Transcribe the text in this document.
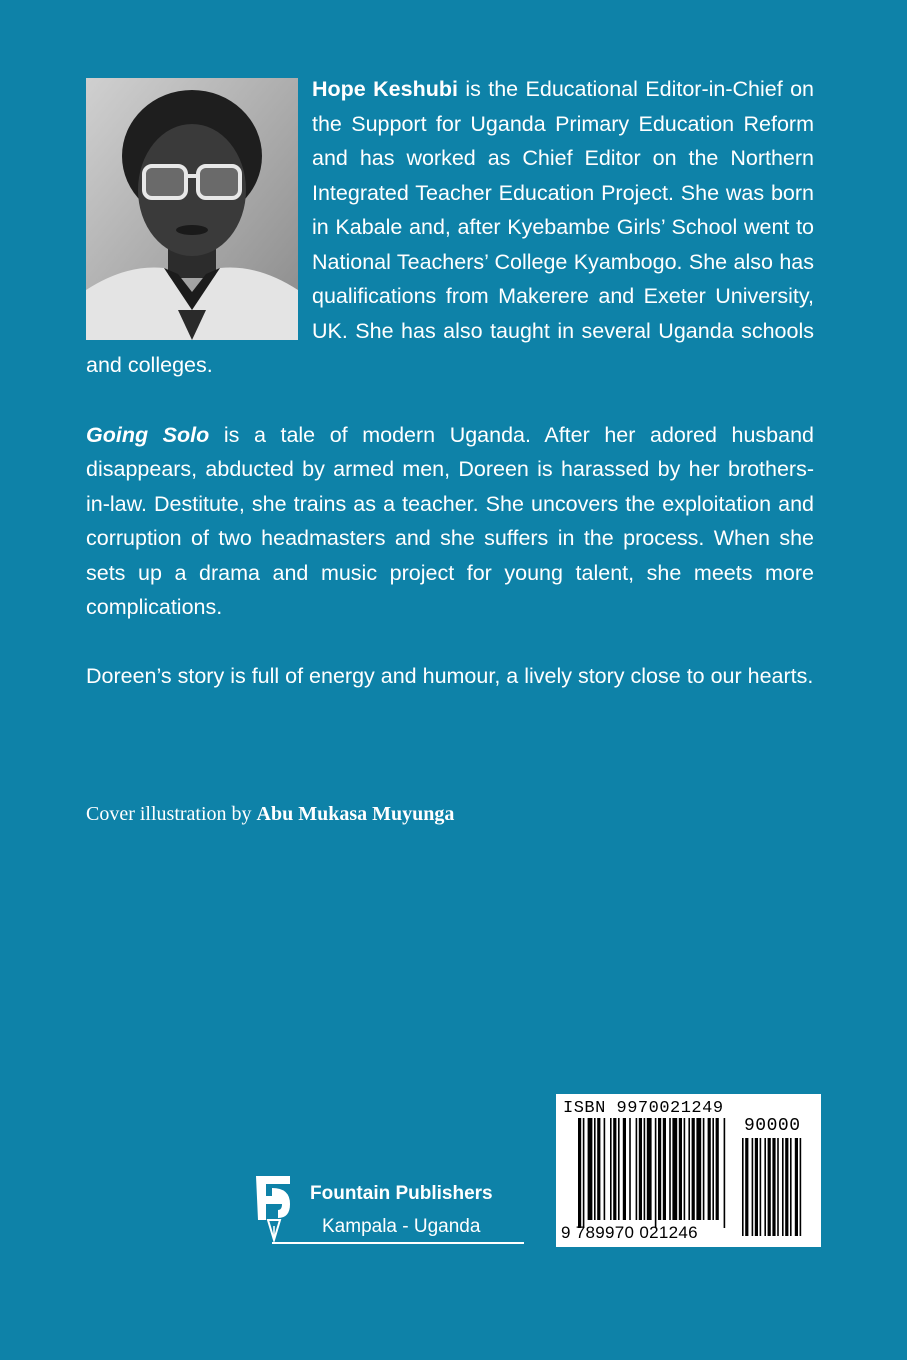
Hope Keshubi is the Educational Editor-in-Chief on the Support for Uganda Primary Education Reform and has worked as Chief Editor on the Northern Integrated Teacher Education Project. She was born in Kabale and, after Kyebambe Girls’ School went to National Teachers’ College Kyambogo. She also has qualifications from Makerere and Exeter University, UK. She has also taught in several Uganda schools and colleges.

Going Solo is a tale of modern Uganda. After her adored husband disappears, abducted by armed men, Doreen is harassed by her brothers-in-law. Destitute, she trains as a teacher. She uncovers the exploitation and corruption of two headmasters and she suffers in the process. When she sets up a drama and music project for young talent, she meets more complications.

Doreen’s story is full of energy and humour, a lively story close to our hearts.

Cover illustration by Abu Mukasa Muyunga
Fountain Publishers
Kampala - Uganda
ISBN 9970021249
90000
9 789970 021246
